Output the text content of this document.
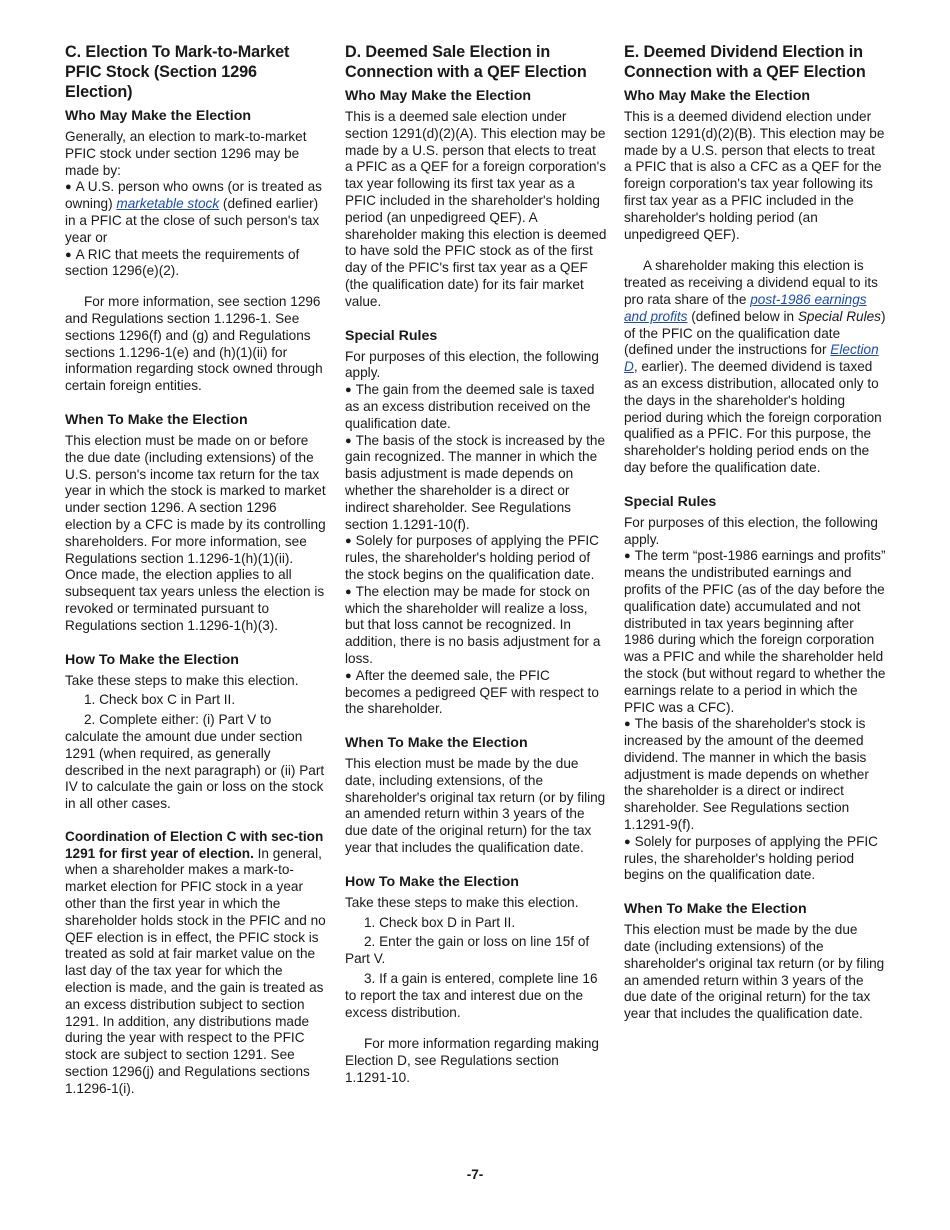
C. Election To Mark-to-Market PFIC Stock (Section 1296 Election)
Who May Make the Election

Generally, an election to mark-to-market PFIC stock under section 1296 may be made by:

● A U.S. person who owns (or is treated as owning) marketable stock (defined earlier) in a PFIC at the close of such person's tax year or

● A RIC that meets the requirements of section 1296(e)(2).

For more information, see section 1296 and Regulations section 1.1296-1. See sections 1296(f) and (g) and Regulations sections 1.1296-1(e) and (h)(1)(ii) for information regarding stock owned through certain foreign entities.

When To Make the Election

This election must be made on or before the due date (including extensions) of the U.S. person's income tax return for the tax year in which the stock is marked to market under section 1296. A section 1296 election by a CFC is made by its controlling shareholders. For more information, see Regulations section 1.1296-1(h)(1)(ii). Once made, the election applies to all subsequent tax years unless the election is revoked or terminated pursuant to Regulations section 1.1296-1(h)(3).

How To Make the Election

Take these steps to make this election.

1. Check box C in Part II.

2. Complete either: (i) Part V to calculate the amount due under section 1291 (when required, as generally described in the next paragraph) or (ii) Part IV to calculate the gain or loss on the stock in all other cases.

Coordination of Election C with sec-tion 1291 for first year of election. In general, when a shareholder makes a mark-to-market election for PFIC stock in a year other than the first year in which the shareholder holds stock in the PFIC and no QEF election is in effect, the PFIC stock is treated as sold at fair market value on the last day of the tax year for which the election is made, and the gain is treated as an excess distribution subject to section 1291. In addition, any distributions made during the year with respect to the PFIC stock are subject to section 1291. See section 1296(j) and Regulations sections 1.1296-1(i).

D. Deemed Sale Election in Connection with a QEF Election
Who May Make the Election

This is a deemed sale election under section 1291(d)(2)(A). This election may be made by a U.S. person that elects to treat a PFIC as a QEF for a foreign corporation's tax year following its first tax year as a PFIC included in the shareholder's holding period (an unpedigreed QEF). A shareholder making this election is deemed to have sold the PFIC stock as of the first day of the PFIC's first tax year as a QEF (the qualification date) for its fair market value.

Special Rules

For purposes of this election, the following apply.

● The gain from the deemed sale is taxed as an excess distribution received on the qualification date.

● The basis of the stock is increased by the gain recognized. The manner in which the basis adjustment is made depends on whether the shareholder is a direct or indirect shareholder. See Regulations section 1.1291-10(f).

● Solely for purposes of applying the PFIC rules, the shareholder's holding period of the stock begins on the qualification date.

● The election may be made for stock on which the shareholder will realize a loss, but that loss cannot be recognized. In addition, there is no basis adjustment for a loss.

● After the deemed sale, the PFIC becomes a pedigreed QEF with respect to the shareholder.

When To Make the Election

This election must be made by the due date, including extensions, of the shareholder's original tax return (or by filing an amended return within 3 years of the due date of the original return) for the tax year that includes the qualification date.

How To Make the Election

Take these steps to make this election.

1. Check box D in Part II.

2. Enter the gain or loss on line 15f of Part V.

3. If a gain is entered, complete line 16 to report the tax and interest due on the excess distribution.

For more information regarding making Election D, see Regulations section 1.1291-10.

E. Deemed Dividend Election in Connection with a QEF Election
Who May Make the Election

This is a deemed dividend election under section 1291(d)(2)(B). This election may be made by a U.S. person that elects to treat a PFIC that is also a CFC as a QEF for the foreign corporation's tax year following its first tax year as a PFIC included in the shareholder's holding period (an unpedigreed QEF).

A shareholder making this election is treated as receiving a dividend equal to its pro rata share of the post-1986 earnings and profits (defined below in Special Rules) of the PFIC on the qualification date (defined under the instructions for Election D, earlier). The deemed dividend is taxed as an excess distribution, allocated only to the days in the shareholder's holding period during which the foreign corporation qualified as a PFIC. For this purpose, the shareholder's holding period ends on the day before the qualification date.

Special Rules

For purposes of this election, the following apply.

● The term “post-1986 earnings and profits” means the undistributed earnings and profits of the PFIC (as of the day before the qualification date) accumulated and not distributed in tax years beginning after 1986 during which the foreign corporation was a PFIC and while the shareholder held the stock (but without regard to whether the earnings relate to a period in which the PFIC was a CFC).

● The basis of the shareholder's stock is increased by the amount of the deemed dividend. The manner in which the basis adjustment is made depends on whether the shareholder is a direct or indirect shareholder. See Regulations section 1.1291-9(f).

● Solely for purposes of applying the PFIC rules, the shareholder's holding period begins on the qualification date.

When To Make the Election

This election must be made by the due date (including extensions) of the shareholder's original tax return (or by filing an amended return within 3 years of the due date of the original return) for the tax year that includes the qualification date.

-7-
